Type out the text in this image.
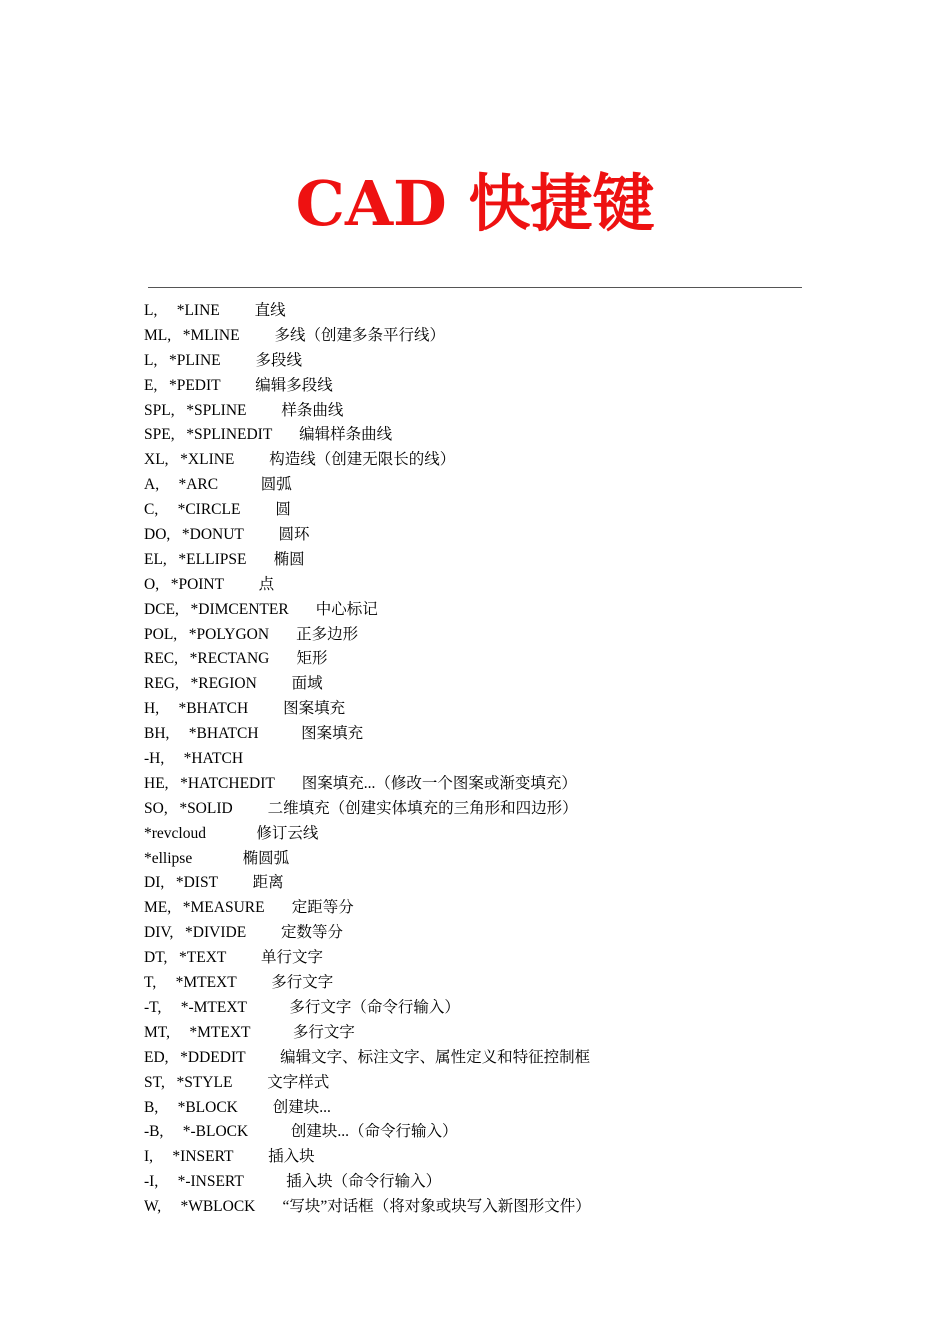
CAD 快捷键
L,     *LINE         直线
ML,   *MLINE         多线（创建多条平行线）
L,   *PLINE         多段线
E,   *PEDIT         编辑多段线
SPL,   *SPLINE         样条曲线
SPE,   *SPLINEDIT       编辑样条曲线
XL,   *XLINE         构造线（创建无限长的线）
A,     *ARC           圆弧
C,     *CIRCLE         圆
DO,   *DONUT         圆环
EL,   *ELLIPSE       椭圆
O,   *POINT         点
DCE,   *DIMCENTER       中心标记
POL,   *POLYGON       正多边形
REC,   *RECTANG       矩形
REG,   *REGION         面域
H,     *BHATCH         图案填充
BH,     *BHATCH           图案填充
-H,     *HATCH
HE,   *HATCHEDIT       图案填充...（修改一个图案或渐变填充）
SO,   *SOLID         二维填充（创建实体填充的三角形和四边形）
*revcloud             修订云线
*ellipse             椭圆弧
DI,   *DIST         距离
ME,   *MEASURE       定距等分
DIV,   *DIVIDE         定数等分
DT,   *TEXT         单行文字
T,     *MTEXT         多行文字
-T,     *-MTEXT           多行文字（命令行输入）
MT,     *MTEXT           多行文字
ED,   *DDEDIT         编辑文字、标注文字、属性定义和特征控制框
ST,   *STYLE         文字样式
B,     *BLOCK         创建块...
-B,     *-BLOCK           创建块...（命令行输入）
I,     *INSERT         插入块
-I,     *-INSERT           插入块（命令行输入）
W,     *WBLOCK       “写块”对话框（将对象或块写入新图形文件）
